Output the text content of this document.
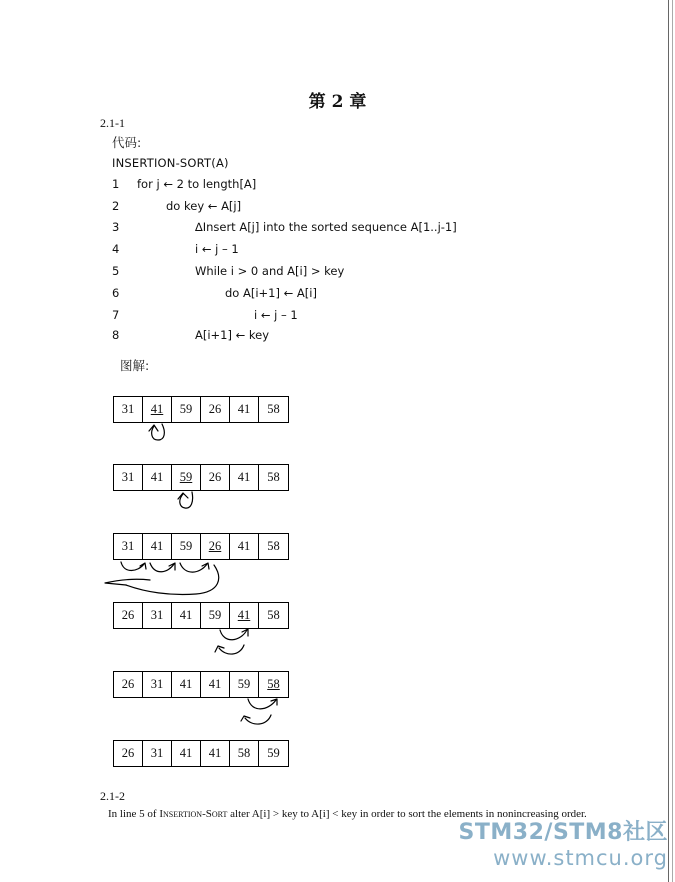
第 2 章
2.1-1
代码:
INSERTION-SORT(A)
1 for j ← 2 to length[A]
2	do key ← A[j]
3	∆Insert A[j] into the sorted sequence A[1..j-1]
4	i ← j – 1
5	While i > 0 and A[i] > key
6	do A[i+1] ← A[i]
7	i ← j – 1
8	A[i+1] ← key
图解:
31	41	59	26	41	58
31	41	59	26	41	58
31	41	59	26	41	58
26	31	41	59	41	58
26	31	41	41	59	58
26	31	41	41	58	59
2.1-2
In line 5 of Insertion-Sort alter A[i] > key to A[i] < key in order to sort the elements in nonincreasing order.
STM32/STM8社区
www.stmcu.org
